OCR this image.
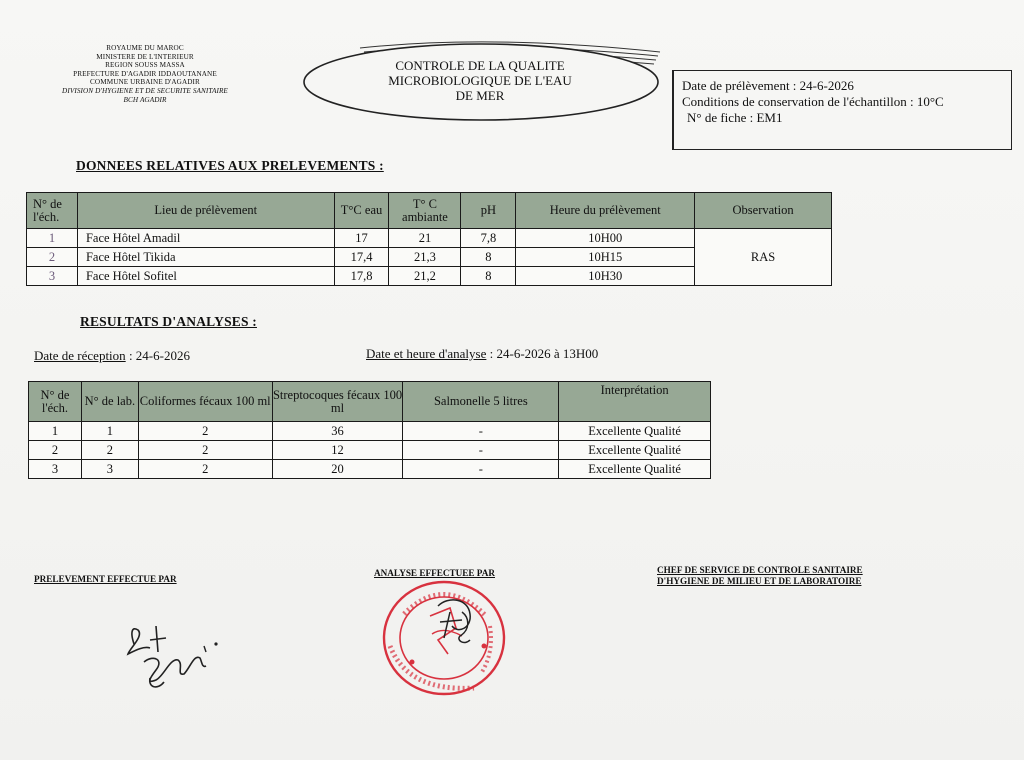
ROYAUME DU MAROC
MINISTERE DE L'INTERIEUR
REGION SOUSS MASSA
PREFECTURE D'AGADIR IDDAOUTANANE
COMMUNE URBAINE D'AGADIR
DIVISION D'HYGIENE ET DE SECURITE SANITAIRE
BCH AGADIR
CONTROLE DE LA QUALITE
MICROBIOLOGIQUE DE L'EAU
DE MER
Date de prélèvement : 24-6-2026
Conditions de conservation de l'échantillon : 10°C
N° de fiche : EM1
DONNEES RELATIVES AUX PRELEVEMENTS :
N° de l'éch.	Lieu de prélèvement	T°C eau	T° C ambiante	pH	Heure du prélèvement	Observation
1	Face Hôtel Amadil	17	21	7,8	10H00	RAS
2	Face Hôtel Tikida	17,4	21,3	8	10H15	
3	Face Hôtel Sofitel	17,8	21,2	8	10H30	
RESULTATS D'ANALYSES :
Date de réception : 24-6-2026	Date et heure d'analyse : 24-6-2026 à 13H00
N° de l'éch.	N° de lab.	Coliformes fécaux 100 ml	Streptocoques fécaux 100 ml	Salmonelle 5 litres	Interprétation
1	1	2	36	-	Excellente Qualité
2	2	2	12	-	Excellente Qualité
3	3	2	20	-	Excellente Qualité
PRELEVEMENT EFFECTUE PAR
ANALYSE EFFECTUEE PAR	CHEF DE SERVICE DE CONTROLE SANITAIRE
D'HYGIENE DE MILIEU ET DE LABORATOIRE
